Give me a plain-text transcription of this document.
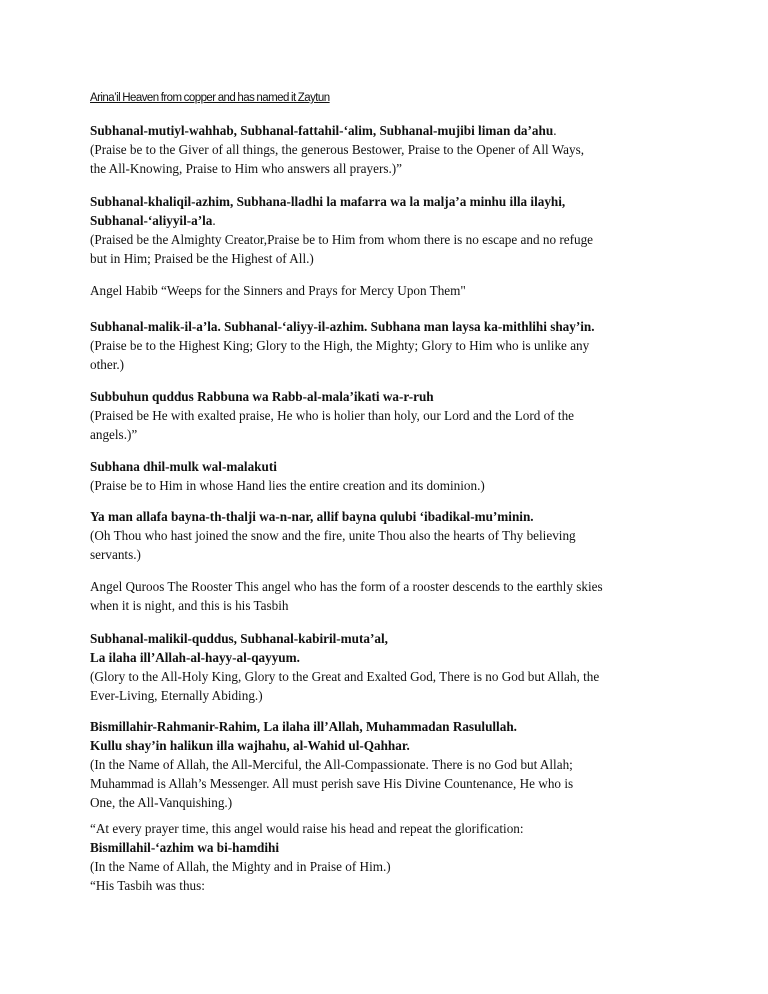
Arina’il Heaven from copper and has named it Zaytun
Subhanal-mutiyl-wahhab, Subhanal-fattahil-‘alim, Subhanal-mujibi liman da’ahu.
(Praise be to the Giver of all things, the generous Bestower, Praise to the Opener of All Ways,
the All-Knowing, Praise to Him who answers all prayers.)”
Subhanal-khaliqil-azhim, Subhana-lladhi la mafarra wa la malja’a minhu illa ilayhi,
Subhanal-‘aliyyil-a’la.
(Praised be the Almighty Creator,Praise be to Him from whom there is no escape and no refuge
but in Him; Praised be the Highest of All.)
Angel Habib “Weeps for the Sinners and Prays for Mercy Upon Them"
Subhanal-malik-il-a’la. Subhanal-‘aliyy-il-azhim. Subhana man laysa ka-mithlihi shay’in.
(Praise be to the Highest King; Glory to the High, the Mighty; Glory to Him who is unlike any
other.)
Subbuhun quddus Rabbuna wa Rabb-al-mala’ikati wa-r-ruh
(Praised be He with exalted praise, He who is holier than holy, our Lord and the Lord of the
angels.)”
Subhana dhil-mulk wal-malakuti
(Praise be to Him in whose Hand lies the entire creation and its dominion.)
Ya man allafa bayna-th-thalji wa-n-nar, allif bayna qulubi ‘ibadikal-mu’minin.
(Oh Thou who hast joined the snow and the fire, unite Thou also the hearts of Thy believing
servants.)
Angel Quroos The Rooster This angel who has the form of a rooster descends to the earthly skies
when it is night, and this is his Tasbih
Subhanal-malikil-quddus, Subhanal-kabiril-muta’al,
La ilaha ill’Allah-al-hayy-al-qayyum.
(Glory to the All-Holy King, Glory to the Great and Exalted God, There is no God but Allah, the
Ever-Living, Eternally Abiding.)
Bismillahir-Rahmanir-Rahim, La ilaha ill’Allah, Muhammadan Rasulullah.
Kullu shay’in halikun illa wajhahu, al-Wahid ul-Qahhar.
(In the Name of Allah, the All-Merciful, the All-Compassionate. There is no God but Allah;
Muhammad is Allah’s Messenger. All must perish save His Divine Countenance, He who is
One, the All-Vanquishing.)
“At every prayer time, this angel would raise his head and repeat the glorification:
Bismillahil-‘azhim wa bi-hamdihi
(In the Name of Allah, the Mighty and in Praise of Him.)
“His Tasbih was thus:
